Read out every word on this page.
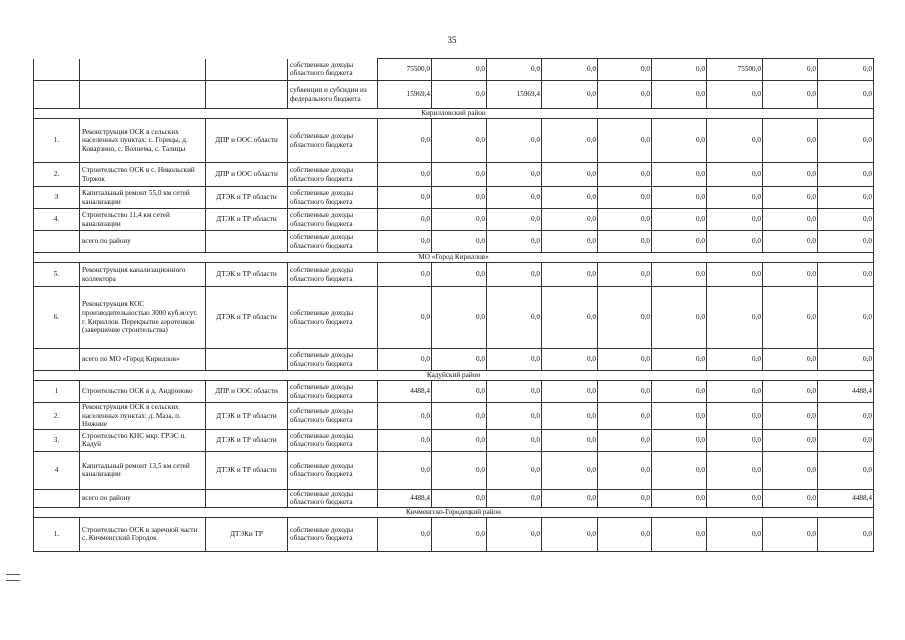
35
			собственные доходы областного бюджета	75500,0	0,0	0,0	0,0	0,0	0,0	75500,0	0,0	0,0
			субвенции и субсидии из федерального бюджета	15969,4	0,0	15969,4	0,0	0,0	0,0	0,0	0,0	0,0
Кирилловский район												
1.	Реконструкция ОСК в сельских населенных пунктах: с. Горицы, д. Коварзино, с. Волнема, с. Талицы	ДПР и ООС области	собственные доходы областного бюджета	0,0	0,0	0,0	0,0	0,0	0,0	0,0	0,0	0,0
2.	Строительство ОСК в с. Никольский Торжок	ДПР и ООС области	собственные доходы областного бюджета	0,0	0,0	0,0	0,0	0,0	0,0	0,0	0,0	0,0
3	Капитальный ремонт 55,0 км сетей канализации	ДТЭК и ТР области	собственные доходы областного бюджета	0,0	0,0	0,0	0,0	0,0	0,0	0,0	0,0	0,0
4.	Строительство 11,4 км сетей канализации	ДТЭК и ТР области	собственные доходы областного бюджета	0,0	0,0	0,0	0,0	0,0	0,0	0,0	0,0	0,0
	всего по району		собственные доходы областного бюджета	0,0	0,0	0,0	0,0	0,0	0,0	0,0	0,0	0,0
МО «Город Кириллов»												
5.	Реконструкция канализационного коллектора	ДТЭК и ТР области	собственные доходы областного бюджета	0,0	0,0	0,0	0,0	0,0	0,0	0,0	0,0	0,0
6.	Реконструкция КОС производительностью 3000 куб.м/сут. г. Кириллов. Перекрытие аэротенков (завершение строительства)	ДТЭК и ТР области	собственные доходы областного бюджета	0,0	0,0	0,0	0,0	0,0	0,0	0,0	0,0	0,0
	всего по МО «Город Кириллов»		собственные доходы областного бюджета	0,0	0,0	0,0	0,0	0,0	0,0	0,0	0,0	0,0
Кадуйский район												
1	Строительство ОСК в д. Андроново	ДПР и ООС области	собственные доходы областного бюджета	4488,4	0,0	0,0	0,0	0,0	0,0	0,0	0,0	4488,4
2.	Реконструкция ОСК в сельских населенных пунктах: д. Маза, п. Нижние	ДТЭК и ТР области	собственные доходы областного бюджета	0,0	0,0	0,0	0,0	0,0	0,0	0,0	0,0	0,0
3.	Строительство КНС мкр. ГРЭС п. Кадуй	ДТЭК и ТР области	собственные доходы областного бюджета	0,0	0,0	0,0	0,0	0,0	0,0	0,0	0,0	0,0
4	Капитальный ремонт 13,5 км сетей канализации	ДТЭК и ТР области	собственные доходы областного бюджета	0,0	0,0	0,0	0,0	0,0	0,0	0,0	0,0	0,0
	всего по району		собственные доходы областного бюджета	4488,4	0,0	0,0	0,0	0,0	0,0	0,0	0,0	4488,4
Кичменгско-Городецкий район												
1.	Строительство ОСК в заречной части с. Кичменгский Городок	ДТЭКи ТР	собственные доходы областного бюджета	0,0	0,0	0,0	0,0	0,0	0,0	0,0	0,0	0,0
